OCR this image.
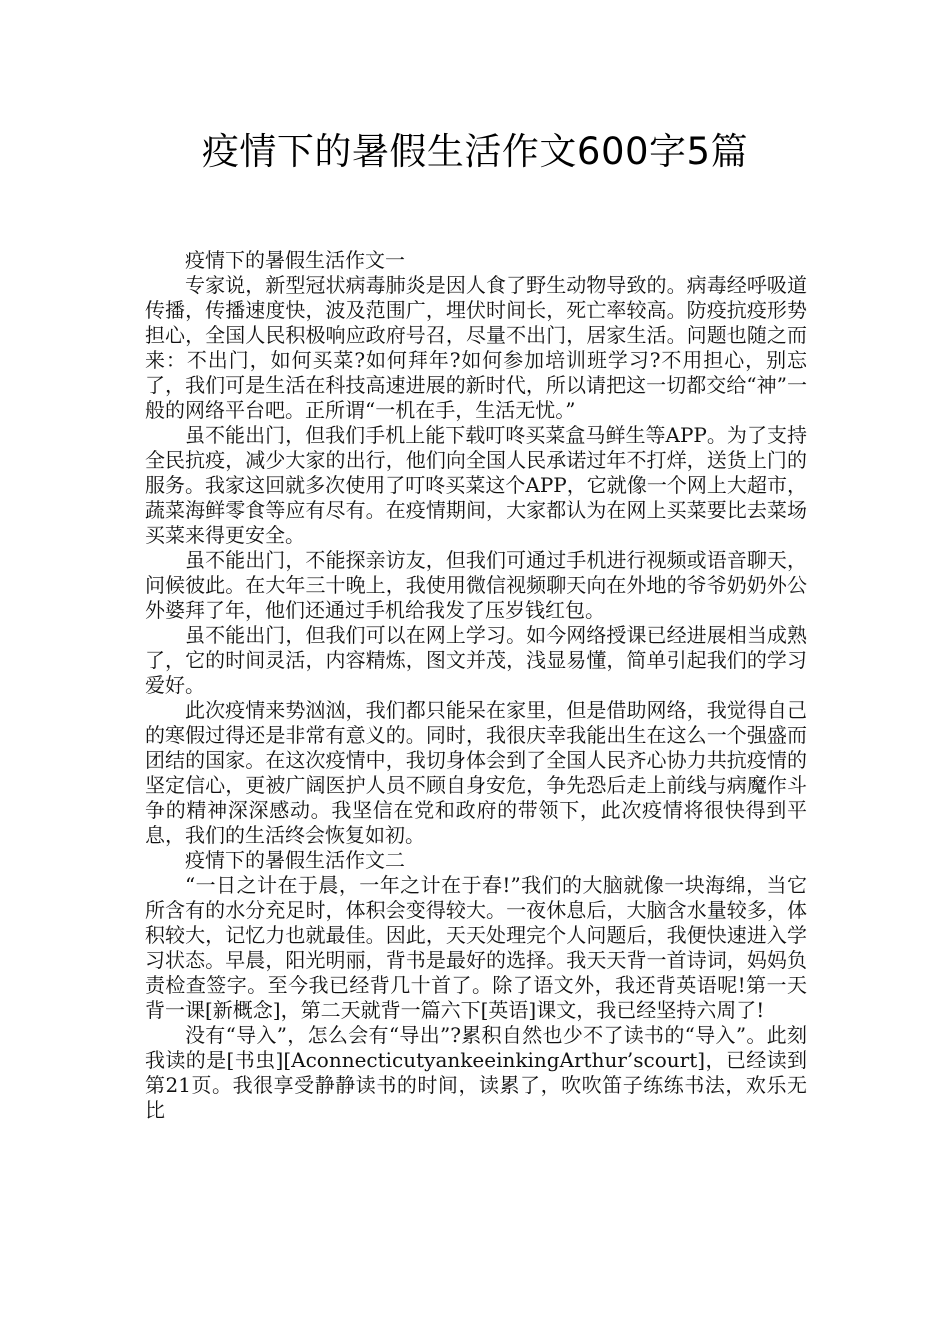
疫情下的暑假生活作文600字5篇

疫情下的暑假生活作文一

专家说，新型冠状病毒肺炎是因人食了野生动物导致的。病毒经呼吸道传播，传播速度快，波及范围广，埋伏时间长，死亡率较高。防疫抗疫形势担心，全国人民积极响应政府号召，尽量不出门，居家生活。问题也随之而来：不出门，如何买菜?如何拜年?如何参加培训班学习?不用担心，别忘了，我们可是生活在科技高速进展的新时代，所以请把这一切都交给“神”一般的网络平台吧。正所谓“一机在手，生活无忧。”

虽不能出门，但我们手机上能下载叮咚买菜盒马鲜生等APP。为了支持全民抗疫，减少大家的出行，他们向全国人民承诺过年不打烊，送货上门的服务。我家这回就多次使用了叮咚买菜这个APP，它就像一个网上大超市，蔬菜海鲜零食等应有尽有。在疫情期间，大家都认为在网上买菜要比去菜场买菜来得更安全。

虽不能出门，不能探亲访友，但我们可通过手机进行视频或语音聊天，问候彼此。在大年三十晚上，我使用微信视频聊天向在外地的爷爷奶奶外公外婆拜了年，他们还通过手机给我发了压岁钱红包。

虽不能出门，但我们可以在网上学习。如今网络授课已经进展相当成熟了，它的时间灵活，内容精炼，图文并茂，浅显易懂，简单引起我们的学习爱好。

此次疫情来势汹汹，我们都只能呆在家里，但是借助网络，我觉得自己的寒假过得还是非常有意义的。同时，我很庆幸我能出生在这么一个强盛而团结的国家。在这次疫情中，我切身体会到了全国人民齐心协力共抗疫情的坚定信心，更被广阔医护人员不顾自身安危，争先恐后走上前线与病魔作斗争的精神深深感动。我坚信在党和政府的带领下，此次疫情将很快得到平息，我们的生活终会恢复如初。

疫情下的暑假生活作文二

“一日之计在于晨，一年之计在于春!”我们的大脑就像一块海绵，当它所含有的水分充足时，体积会变得较大。一夜休息后，大脑含水量较多，体积较大，记忆力也就最佳。因此，天天处理完个人问题后，我便快速进入学习状态。早晨，阳光明丽，背书是最好的选择。我天天背一首诗词，妈妈负责检查签字。至今我已经背几十首了。除了语文外，我还背英语呢!第一天背一课[新概念]，第二天就背一篇六下[英语]课文，我已经坚持六周了!

没有“导入”，怎么会有“导出”?累积自然也少不了读书的“导入”。此刻我读的是[书虫][AconnecticutyankeeinkingArthur’scourt]，已经读到第21页。我很享受静静读书的时间，读累了，吹吹笛子练练书法，欢乐无比
